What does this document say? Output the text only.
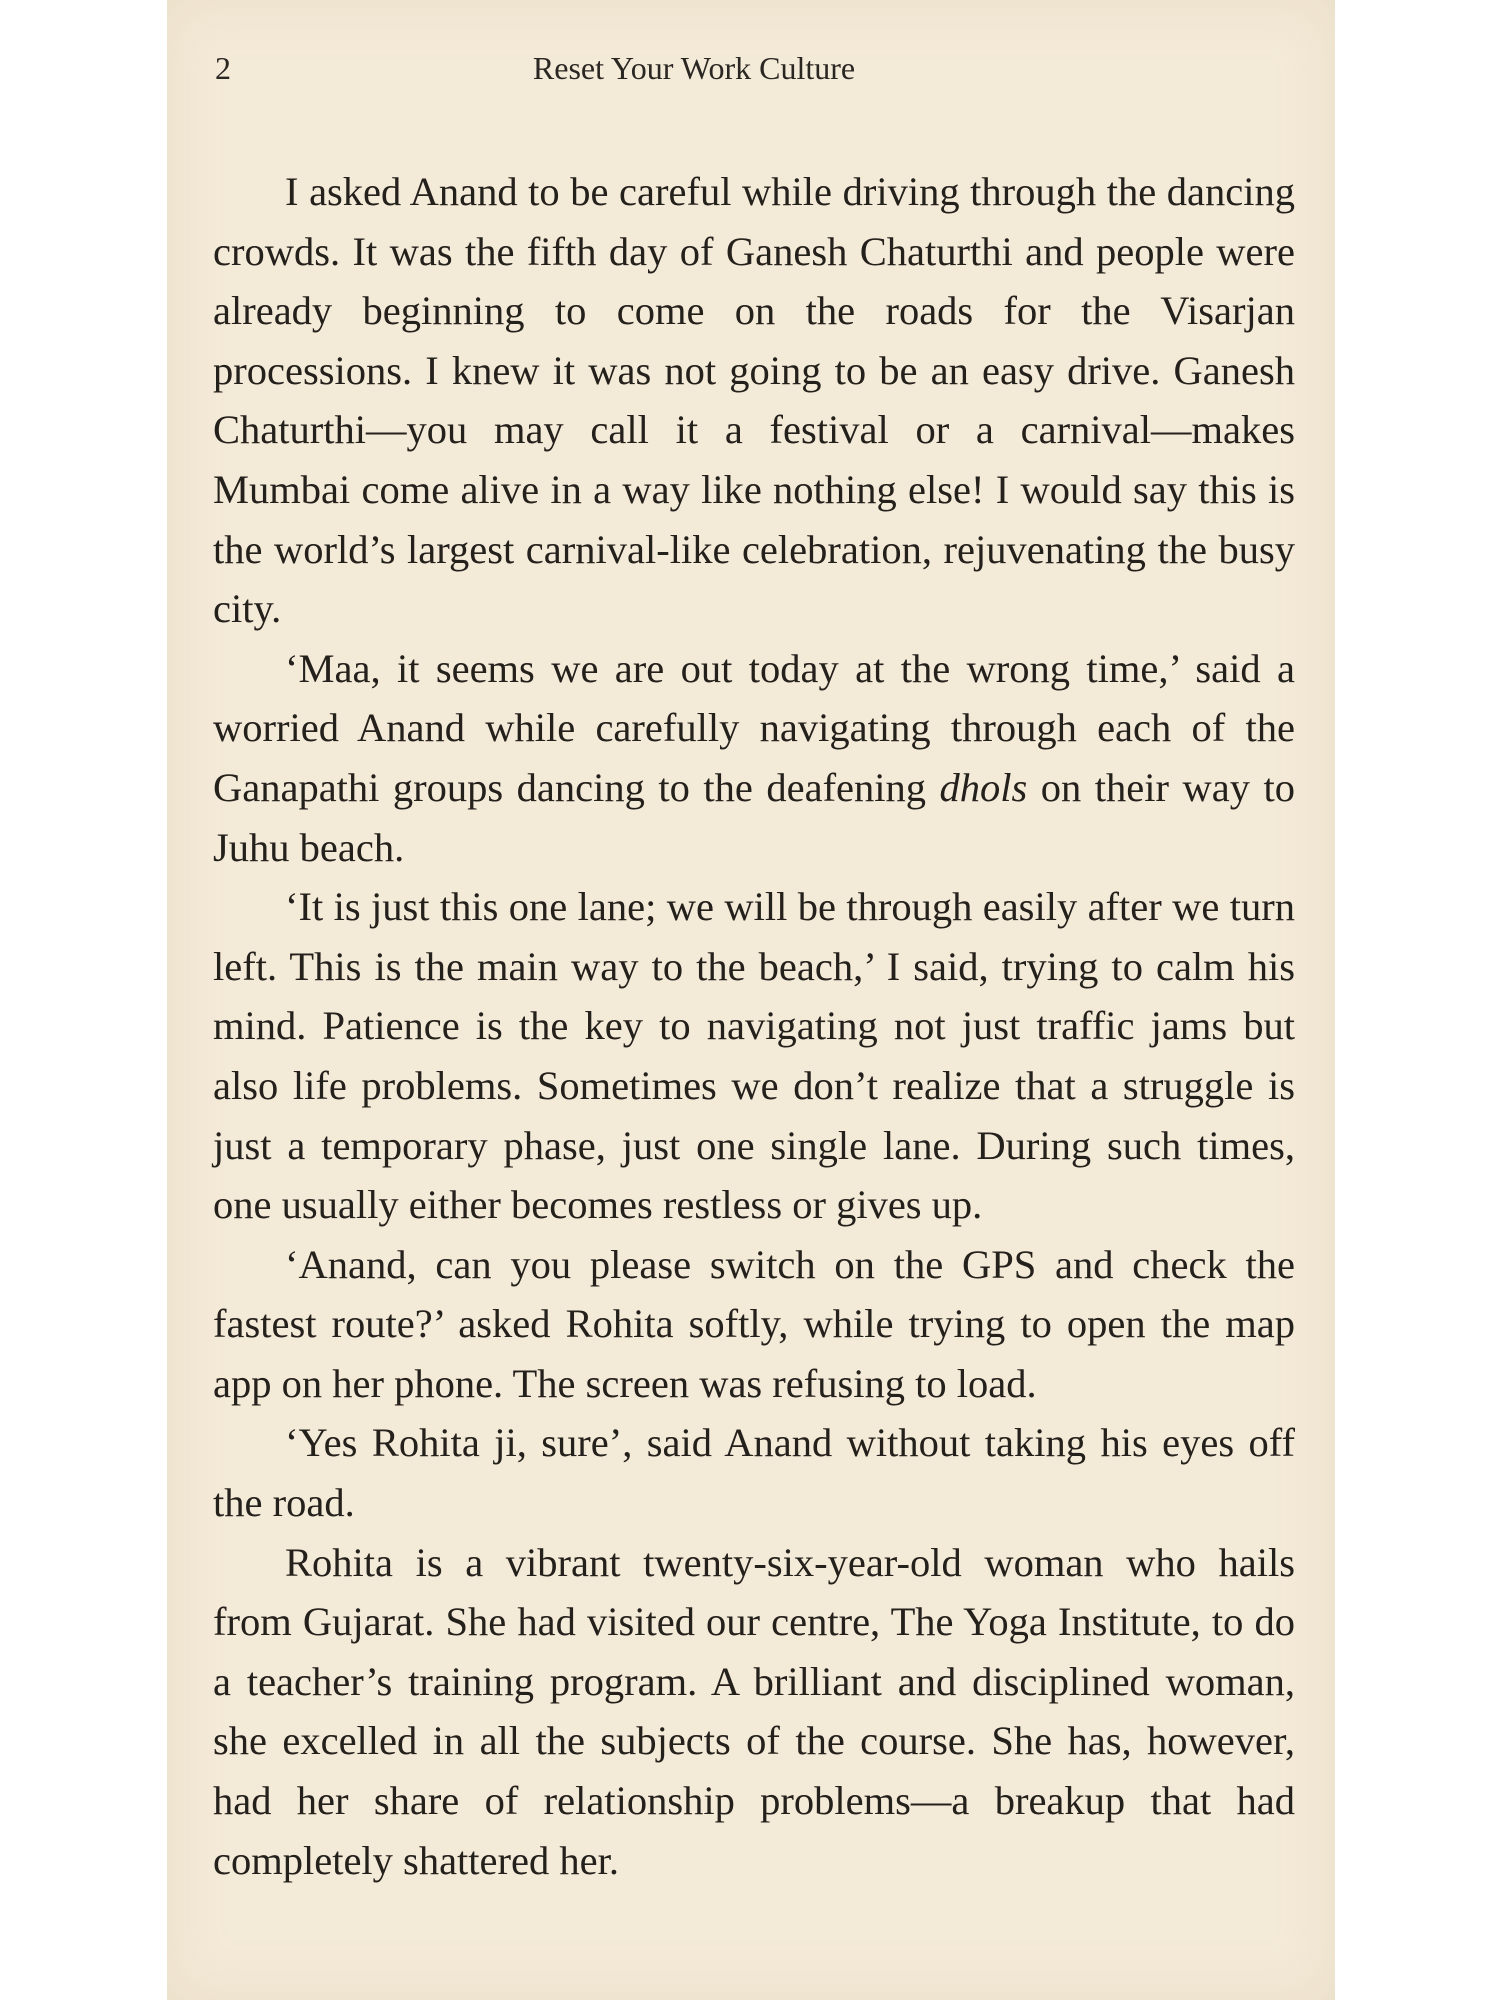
2	Reset Your Work Culture

I asked Anand to be careful while driving through the dancing crowds. It was the fifth day of Ganesh Chaturthi and people were already beginning to come on the roads for the Visarjan processions. I knew it was not going to be an easy drive. Ganesh Chaturthi—you may call it a festival or a carnival—makes Mumbai come alive in a way like nothing else! I would say this is the world’s largest carnival-like celebration, rejuvenating the busy city.

‘Maa, it seems we are out today at the wrong time,’ said a worried Anand while carefully navigating through each of the Ganapathi groups dancing to the deafening dhols on their way to Juhu beach.

‘It is just this one lane; we will be through easily after we turn left. This is the main way to the beach,’ I said, trying to calm his mind. Patience is the key to navigating not just traffic jams but also life problems. Sometimes we don’t realize that a struggle is just a temporary phase, just one single lane. During such times, one usually either becomes restless or gives up.

‘Anand, can you please switch on the GPS and check the fastest route?’ asked Rohita softly, while trying to open the map app on her phone. The screen was refusing to load.

‘Yes Rohita ji, sure’, said Anand without taking his eyes off the road.

Rohita is a vibrant twenty-six-year-old woman who hails from Gujarat. She had visited our centre, The Yoga Institute, to do a teacher’s training program. A brilliant and disciplined woman, she excelled in all the subjects of the course. She has, however, had her share of relationship problems—a breakup that had completely shattered her.
